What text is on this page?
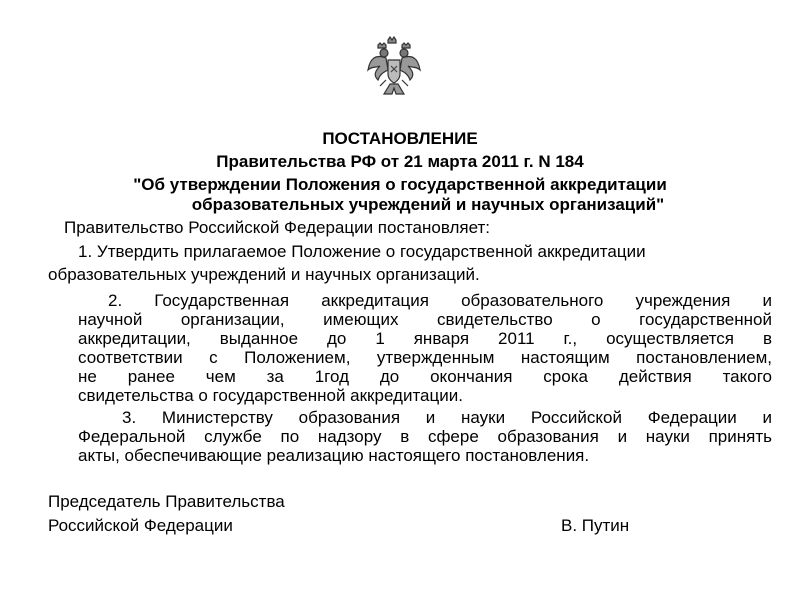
ПОСТАНОВЛЕНИЕ
Правительства РФ от 21 марта 2011 г. N 184
"Об утверждении Положения о государственной аккредитации
образовательных учреждений и научных организаций"
Правительство Российской Федерации постановляет:
1. Утвердить прилагаемое Положение о государственной аккредитации
образовательных учреждений и научных организаций.
2. Государственная аккредитация образовательного учреждения и
научной организации, имеющих свидетельство о государственной
аккредитации, выданное до 1 января 2011 г., осуществляется в
соответствии с Положением, утвержденным настоящим постановлением,
не ранее чем за 1год до окончания срока действия такого
свидетельства о государственной аккредитации.
3. Министерству образования и науки Российской Федерации и
Федеральной службе по надзору в сфере образования и науки принять
акты, обеспечивающие реализацию настоящего постановления.
Председатель Правительства
Российской Федерации	В. Путин
